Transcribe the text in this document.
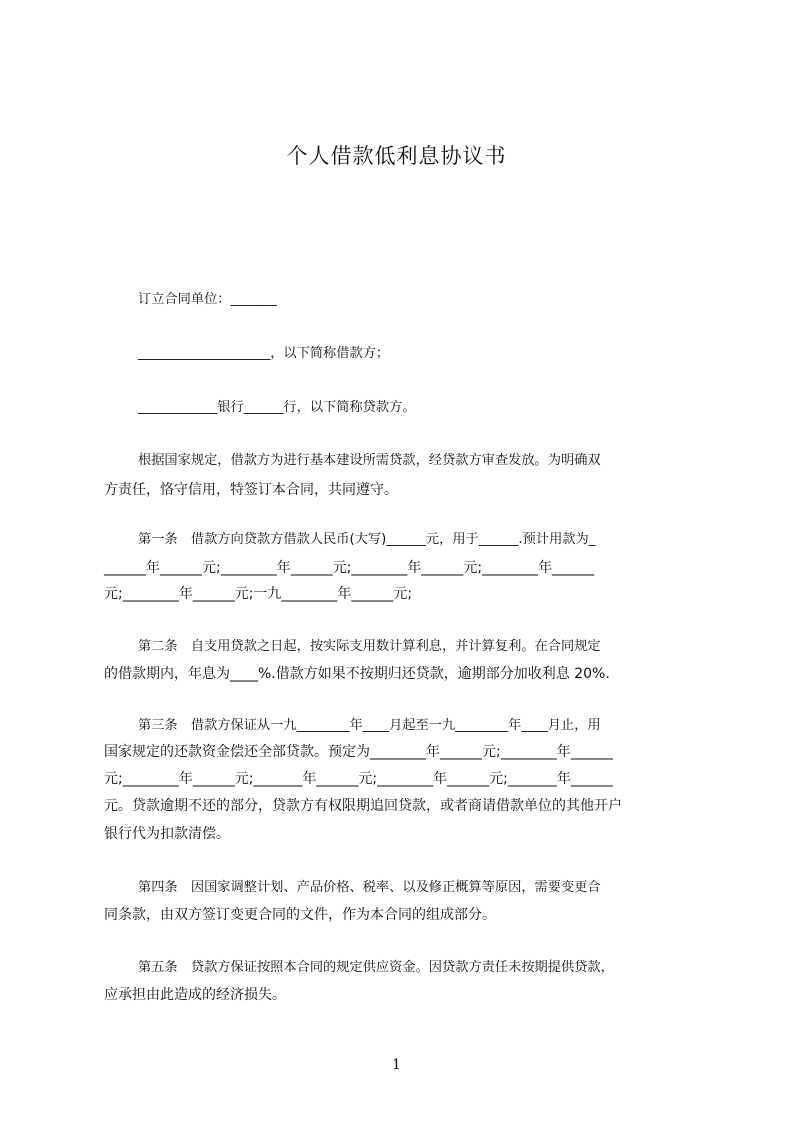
个人借款低利息协议书
订立合同单位：_______
____________________，以下简称借款方；
____________银行______行，以下简称贷款方。
根据国家规定，借款方为进行基本建设所需贷款，经贷款方审查发放。为明确双
方责任，恪守信用，特签订本合同，共同遵守。
第一条　借款方向贷款方借款人民币(大写)______元，用于______.预计用款为_
______年______元;________年______元;________年______元;________年______
元;________年______元;一九________年______元;
第二条　自支用贷款之日起，按实际支用数计算利息，并计算复利。在合同规定
的借款期内，年息为____%.借款方如果不按期归还贷款，逾期部分加收利息 20%.
第三条　借款方保证从一九________年____月起至一九________年____月止，用
国家规定的还款资金偿还全部贷款。预定为________年______元;________年______
元;________年______元;_______年______元;________年______元;_______年______
元。贷款逾期不还的部分，贷款方有权限期追回贷款，或者商请借款单位的其他开户
银行代为扣款清偿。
第四条　因国家调整计划、产品价格、税率、以及修正概算等原因，需要变更合
同条款，由双方签订变更合同的文件，作为本合同的组成部分。
第五条　贷款方保证按照本合同的规定供应资金。因贷款方责任未按期提供贷款，
应承担由此造成的经济损失。
1
